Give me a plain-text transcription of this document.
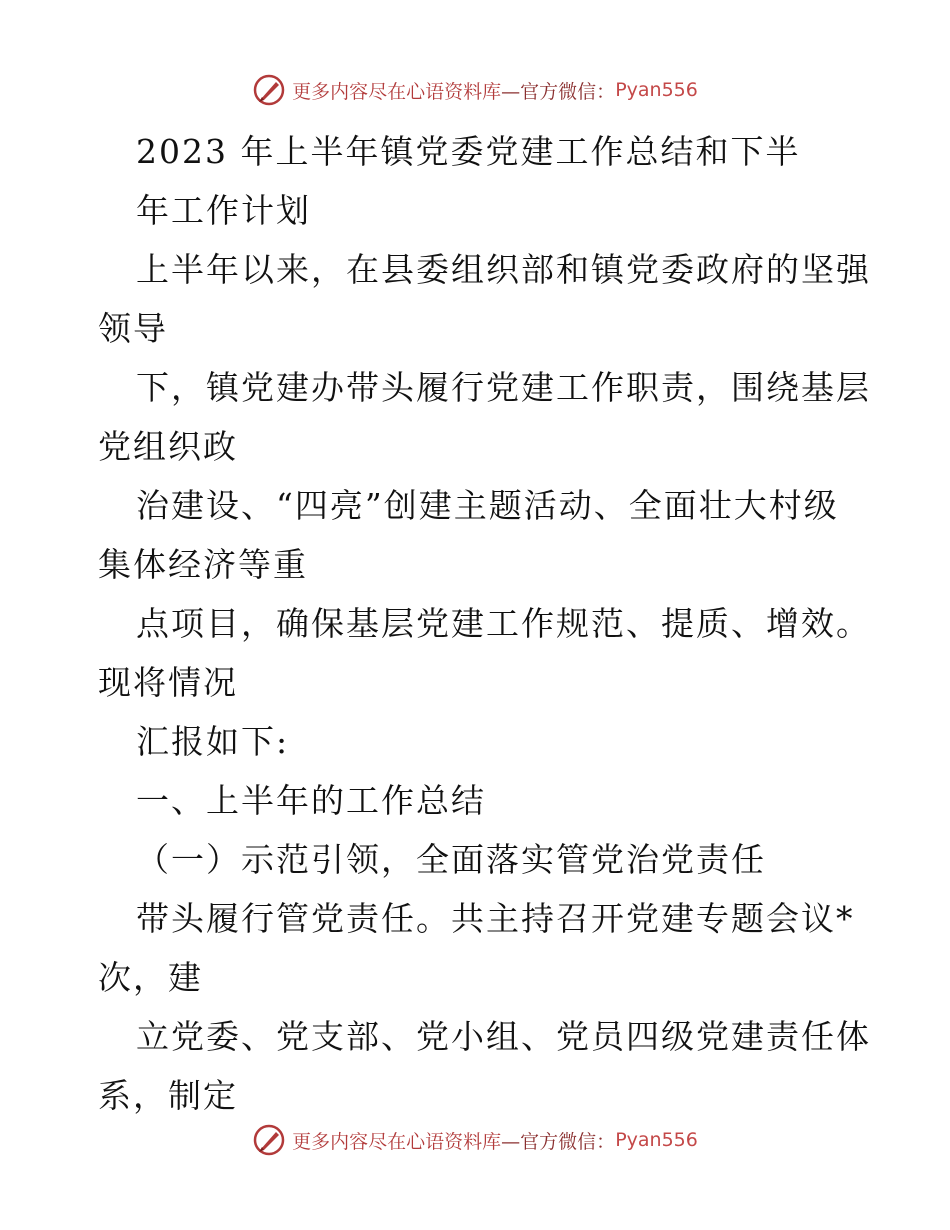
更多内容尽在心语资料库 —官方微信： Pyan556
2023 年上半年镇党委党建工作总结和下半
年工作计划
上半年以来，在县委组织部和镇党委政府的坚强
领导
下，镇党建办带头履行党建工作职责，围绕基层
党组织政
治建设、“四亮”创建主题活动、全面壮大村级
集体经济等重
点项目，确保基层党建工作规范、提质、增效。
现将情况
汇报如下:
一、上半年的工作总结
（一）示范引领，全面落实管党治党责任
带头履行管党责任。共主持召开党建专题会议*
次，建
立党委、党支部、党小组、党员四级党建责任体
系，制定
更多内容尽在心语资料库 —官方微信： Pyan556
